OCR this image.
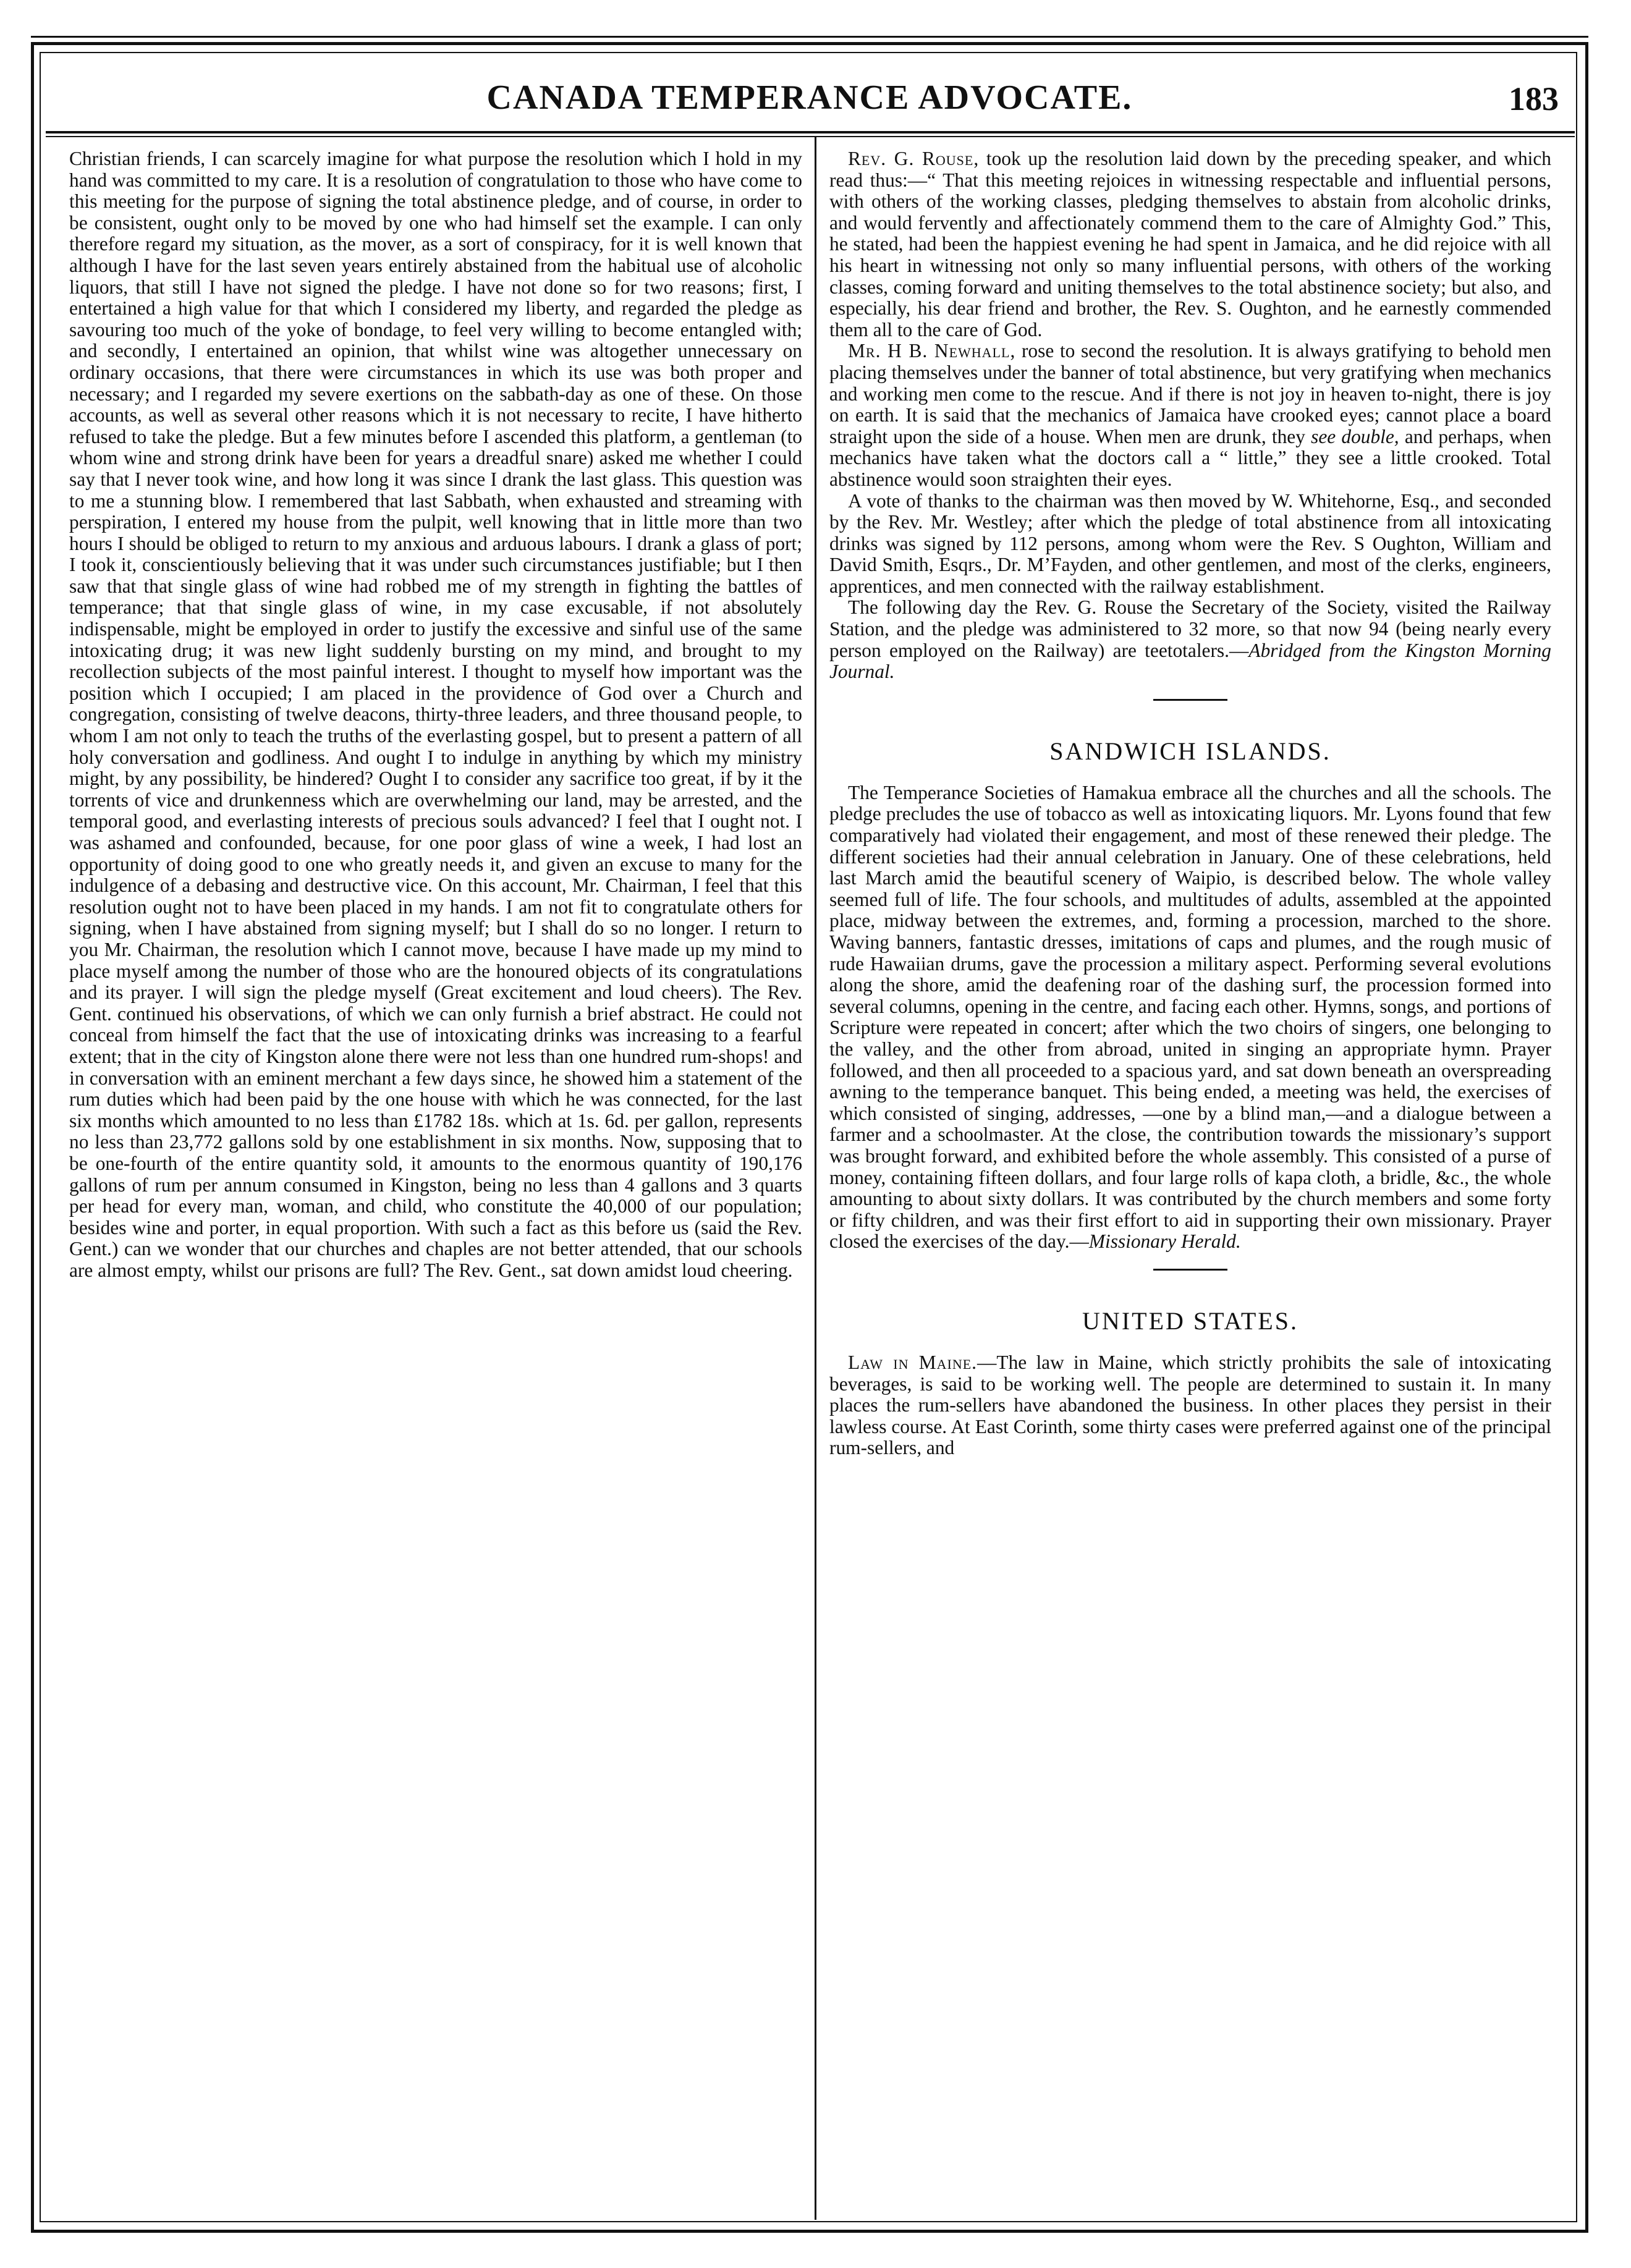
CANADA TEMPERANCE ADVOCATE.	183

Christian friends, I can scarcely imagine for what purpose the resolution which I hold in my hand was committed to my care. It is a resolution of congratulation to those who have come to this meeting for the purpose of signing the total abstinence pledge, and of course, in order to be consistent, ought only to be moved by one who had himself set the example. I can only therefore regard my situation, as the mover, as a sort of conspiracy, for it is well known that although I have for the last seven years entirely abstained from the habitual use of alcoholic liquors, that still I have not signed the pledge. I have not done so for two reasons; first, I entertained a high value for that which I considered my liberty, and regarded the pledge as savouring too much of the yoke of bondage, to feel very willing to become entangled with; and secondly, I entertained an opinion, that whilst wine was altogether unnecessary on ordinary occasions, that there were circumstances in which its use was both proper and necessary; and I regarded my severe exertions on the sabbath-day as one of these. On those accounts, as well as several other reasons which it is not necessary to recite, I have hitherto refused to take the pledge. But a few minutes before I ascended this platform, a gentleman (to whom wine and strong drink have been for years a dreadful snare) asked me whether I could say that I never took wine, and how long it was since I drank the last glass. This question was to me a stunning blow. I remembered that last Sabbath, when exhausted and streaming with perspiration, I entered my house from the pulpit, well knowing that in little more than two hours I should be obliged to return to my anxious and arduous labours. I drank a glass of port; I took it, conscientiously believing that it was under such circumstances justifiable; but I then saw that that single glass of wine had robbed me of my strength in fighting the battles of temperance; that that single glass of wine, in my case excusable, if not absolutely indispensable, might be employed in order to justify the excessive and sinful use of the same intoxicating drug; it was new light suddenly bursting on my mind, and brought to my recollection subjects of the most painful interest. I thought to myself how important was the position which I occupied; I am placed in the providence of God over a Church and congregation, consisting of twelve deacons, thirty-three leaders, and three thousand people, to whom I am not only to teach the truths of the everlasting gospel, but to present a pattern of all holy conversation and godliness. And ought I to indulge in anything by which my ministry might, by any possibility, be hindered? Ought I to consider any sacrifice too great, if by it the torrents of vice and drunkenness which are overwhelming our land, may be arrested, and the temporal good, and everlasting interests of precious souls advanced? I feel that I ought not. I was ashamed and confounded, because, for one poor glass of wine a week, I had lost an opportunity of doing good to one who greatly needs it, and given an excuse to many for the indulgence of a debasing and destructive vice. On this account, Mr. Chairman, I feel that this resolution ought not to have been placed in my hands. I am not fit to congratulate others for signing, when I have abstained from signing myself; but I shall do so no longer. I return to you Mr. Chairman, the resolution which I cannot move, because I have made up my mind to place myself among the number of those who are the honoured objects of its congratulations and its prayer. I will sign the pledge myself (Great excitement and loud cheers). The Rev. Gent. continued his observations, of which we can only furnish a brief abstract. He could not conceal from himself the fact that the use of intoxicating drinks was increasing to a fearful extent; that in the city of Kingston alone there were not less than one hundred rum-shops! and in conversation with an eminent merchant a few days since, he showed him a statement of the rum duties which had been paid by the one house with which he was connected, for the last six months which amounted to no less than £1782 18s. which at 1s. 6d. per gallon, represents no less than 23,772 gallons sold by one establishment in six months. Now, supposing that to be one-fourth of the entire quantity sold, it amounts to the enormous quantity of 190,176 gallons of rum per annum consumed in Kingston, being no less than 4 gallons and 3 quarts per head for every man, woman, and child, who constitute the 40,000 of our population; besides wine and porter, in equal proportion. With such a fact as this before us (said the Rev. Gent.) can we wonder that our churches and chaples are not better attended, that our schools are almost empty, whilst our prisons are full? The Rev. Gent., sat down amidst loud cheering.

Rev. G. Rouse, took up the resolution laid down by the preceding speaker, and which read thus:—“ That this meeting rejoices in witnessing respectable and influential persons, with others of the working classes, pledging themselves to abstain from alcoholic drinks, and would fervently and affectionately commend them to the care of Almighty God.” This, he stated, had been the happiest evening he had spent in Jamaica, and he did rejoice with all his heart in witnessing not only so many influential persons, with others of the working classes, coming forward and uniting themselves to the total abstinence society; but also, and especially, his dear friend and brother, the Rev. S. Oughton, and he earnestly commended them all to the care of God.

Mr. H B. Newhall, rose to second the resolution. It is always gratifying to behold men placing themselves under the banner of total abstinence, but very gratifying when mechanics and working men come to the rescue. And if there is not joy in heaven to-night, there is joy on earth. It is said that the mechanics of Jamaica have crooked eyes; cannot place a board straight upon the side of a house. When men are drunk, they see double, and perhaps, when mechanics have taken what the doctors call a “ little,” they see a little crooked. Total abstinence would soon straighten their eyes.

A vote of thanks to the chairman was then moved by W. Whitehorne, Esq., and seconded by the Rev. Mr. Westley; after which the pledge of total abstinence from all intoxicating drinks was signed by 112 persons, among whom were the Rev. S Oughton, William and David Smith, Esqrs., Dr. M’Fayden, and other gentlemen, and most of the clerks, engineers, apprentices, and men connected with the railway establishment.

The following day the Rev. G. Rouse the Secretary of the Society, visited the Railway Station, and the pledge was administered to 32 more, so that now 94 (being nearly every person employed on the Railway) are teetotalers.—Abridged from the Kingston Morning Journal.

SANDWICH ISLANDS.

The Temperance Societies of Hamakua embrace all the churches and all the schools. The pledge precludes the use of tobacco as well as intoxicating liquors. Mr. Lyons found that few comparatively had violated their engagement, and most of these renewed their pledge. The different societies had their annual celebration in January. One of these celebrations, held last March amid the beautiful scenery of Waipio, is described below. The whole valley seemed full of life. The four schools, and multitudes of adults, assembled at the appointed place, midway between the extremes, and, forming a procession, marched to the shore. Waving banners, fantastic dresses, imitations of caps and plumes, and the rough music of rude Hawaiian drums, gave the procession a military aspect. Performing several evolutions along the shore, amid the deafening roar of the dashing surf, the procession formed into several columns, opening in the centre, and facing each other. Hymns, songs, and portions of Scripture were repeated in concert; after which the two choirs of singers, one belonging to the valley, and the other from abroad, united in singing an appropriate hymn. Prayer followed, and then all proceeded to a spacious yard, and sat down beneath an overspreading awning to the temperance banquet. This being ended, a meeting was held, the exercises of which consisted of singing, addresses, —one by a blind man,—and a dialogue between a farmer and a schoolmaster. At the close, the contribution towards the missionary’s support was brought forward, and exhibited before the whole assembly. This consisted of a purse of money, containing fifteen dollars, and four large rolls of kapa cloth, a bridle, &c., the whole amounting to about sixty dollars. It was contributed by the church members and some forty or fifty children, and was their first effort to aid in supporting their own missionary. Prayer closed the exercises of the day.—Missionary Herald.

UNITED STATES.

Law in Maine.—The law in Maine, which strictly prohibits the sale of intoxicating beverages, is said to be working well. The people are determined to sustain it. In many places the rum-sellers have abandoned the business. In other places they persist in their lawless course. At East Corinth, some thirty cases were preferred against one of the principal rum-sellers, and
